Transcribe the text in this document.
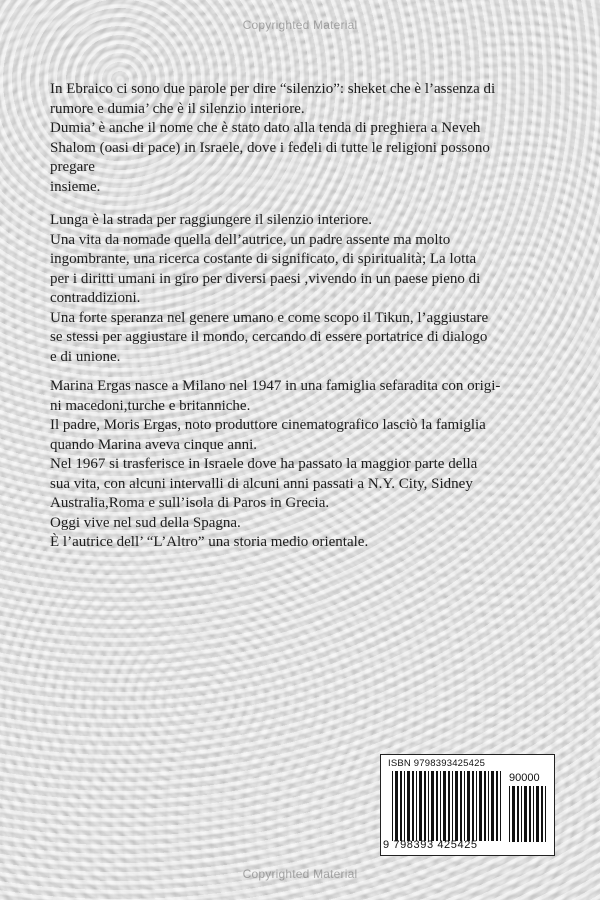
Copyrighted Material
In Ebraico ci sono due parole per dire “silenzio”: sheket che è l’assenza di
rumore e dumia’ che è il silenzio interiore.
Dumia’ è anche il nome che è stato dato alla tenda di preghiera a Neveh
Shalom (oasi di pace) in Israele, dove i fedeli di tutte le religioni possono
pregare
insieme.
Lunga è la strada per raggiungere il silenzio interiore.
Una vita da nomade quella dell’autrice, un padre assente ma molto
ingombrante, una ricerca costante di significato, di spiritualità; La lotta
per i diritti umani in giro per diversi paesi ,vivendo in un paese pieno di
contraddizioni.
Una forte speranza nel genere umano e come scopo il Tikun, l’aggiustare
se stessi per aggiustare il mondo, cercando di essere portatrice di dialogo
e di unione.
Marina Ergas nasce a Milano nel 1947 in una famiglia sefaradita con origi-
ni macedoni,turche e britanniche.
Il padre, Moris Ergas, noto produttore cinematografico lasciò la famiglia
quando Marina aveva cinque anni.
Nel 1967 si trasferisce in Israele dove ha passato la maggior parte della
sua vita, con alcuni intervalli di alcuni anni passati a N.Y. City, Sidney
Australia,Roma e sull’isola di Paros in Grecia.
Oggi vive nel sud della Spagna.
È l’autrice dell’ “L’Altro” una storia medio orientale.
ISBN 9798393425425
90000
9 798393 425425
Copyrighted Material
